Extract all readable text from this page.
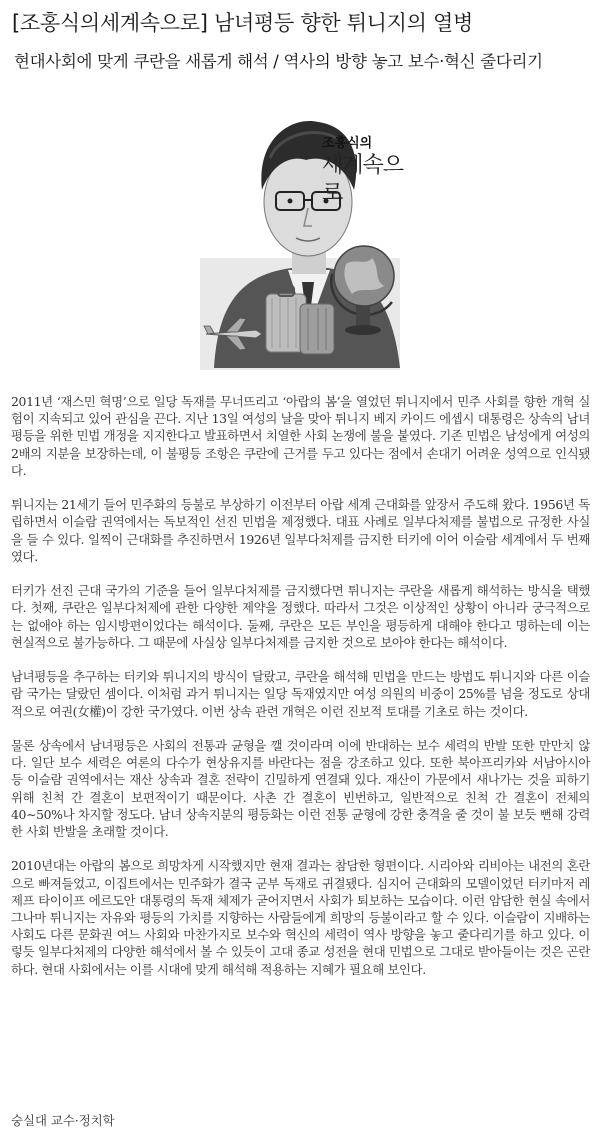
[조홍식의세계속으로] 남녀평등 향한 튀니지의 열병
현대사회에 맞게 쿠란을 새롭게 해석 / 역사의 방향 놓고 보수·혁신 줄다리기
조홍식의
세계속으로

2011년 ‘재스민 혁명’으로 일당 독재를 무너뜨리고 ‘아랍의 봄’을 열었던 튀니지에서 민주 사회를 향한 개혁 실험이 지속되고 있어 관심을 끈다. 지난 13일 여성의 날을 맞아 튀니지 베지 카이드 에셉시 대통령은 상속의 남녀평등을 위한 민법 개정을 지지한다고 발표하면서 치열한 사회 논쟁에 불을 붙였다. 기존 민법은 남성에게 여성의 2배의 지분을 보장하는데, 이 불평등 조항은 쿠란에 근거를 두고 있다는 점에서 손대기 어려운 성역으로 인식됐다.

튀니지는 21세기 들어 민주화의 등불로 부상하기 이전부터 아랍 세계 근대화를 앞장서 주도해 왔다. 1956년 독립하면서 이슬람 권역에서는 독보적인 선진 민법을 제정했다. 대표 사례로 일부다처제를 불법으로 규정한 사실을 들 수 있다. 일찍이 근대화를 추진하면서 1926년 일부다처제를 금지한 터키에 이어 이슬람 세계에서 두 번째였다.

터키가 선진 근대 국가의 기준을 들어 일부다처제를 금지했다면 튀니지는 쿠란을 새롭게 해석하는 방식을 택했다. 첫째, 쿠란은 일부다처제에 관한 다양한 제약을 정했다. 따라서 그것은 이상적인 상황이 아니라 궁극적으로는 없애야 하는 임시방편이었다는 해석이다. 둘째, 쿠란은 모든 부인을 평등하게 대해야 한다고 명하는데 이는 현실적으로 불가능하다. 그 때문에 사실상 일부다처제를 금지한 것으로 보아야 한다는 해석이다.

남녀평등을 추구하는 터키와 튀니지의 방식이 달랐고, 쿠란을 해석해 민법을 만드는 방법도 튀니지와 다른 이슬람 국가는 달랐던 셈이다. 이처럼 과거 튀니지는 일당 독재였지만 여성 의원의 비중이 25%를 넘을 정도로 상대적으로 여권(女權)이 강한 국가였다. 이번 상속 관련 개혁은 이런 진보적 토대를 기초로 하는 것이다.

물론 상속에서 남녀평등은 사회의 전통과 균형을 깰 것이라며 이에 반대하는 보수 세력의 반발 또한 만만치 않다. 일단 보수 세력은 여론의 다수가 현상유지를 바란다는 점을 강조하고 있다. 또한 북아프리카와 서남아시아 등 이슬람 권역에서는 재산 상속과 결혼 전략이 긴밀하게 연결돼 있다. 재산이 가문에서 새나가는 것을 피하기 위해 친척 간 결혼이 보편적이기 때문이다. 사촌 간 결혼이 빈번하고, 일반적으로 친척 간 결혼이 전체의 40∼50%나 차지할 정도다. 남녀 상속지분의 평등화는 이런 전통 균형에 강한 충격을 줄 것이 불 보듯 뻔해 강력한 사회 반발을 초래할 것이다.

2010년대는 아랍의 봄으로 희망차게 시작했지만 현재 결과는 참담한 형편이다. 시리아와 리비아는 내전의 혼란으로 빠져들었고, 이집트에서는 민주화가 결국 군부 독재로 귀결됐다. 심지어 근대화의 모델이었던 터키마저 레제프 타이이프 에르도안 대통령의 독재 체제가 굳어지면서 사회가 퇴보하는 모습이다. 이런 암담한 현실 속에서 그나마 튀니지는 자유와 평등의 가치를 지향하는 사람들에게 희망의 등불이라고 할 수 있다. 이슬람이 지배하는 사회도 다른 문화권 여느 사회와 마찬가지로 보수와 혁신의 세력이 역사 방향을 놓고 줄다리기를 하고 있다. 이렇듯 일부다처제의 다양한 해석에서 볼 수 있듯이 고대 종교 성전을 현대 민법으로 그대로 받아들이는 것은 곤란하다. 현대 사회에서는 이를 시대에 맞게 해석해 적용하는 지혜가 필요해 보인다.

숭실대 교수·정치학
